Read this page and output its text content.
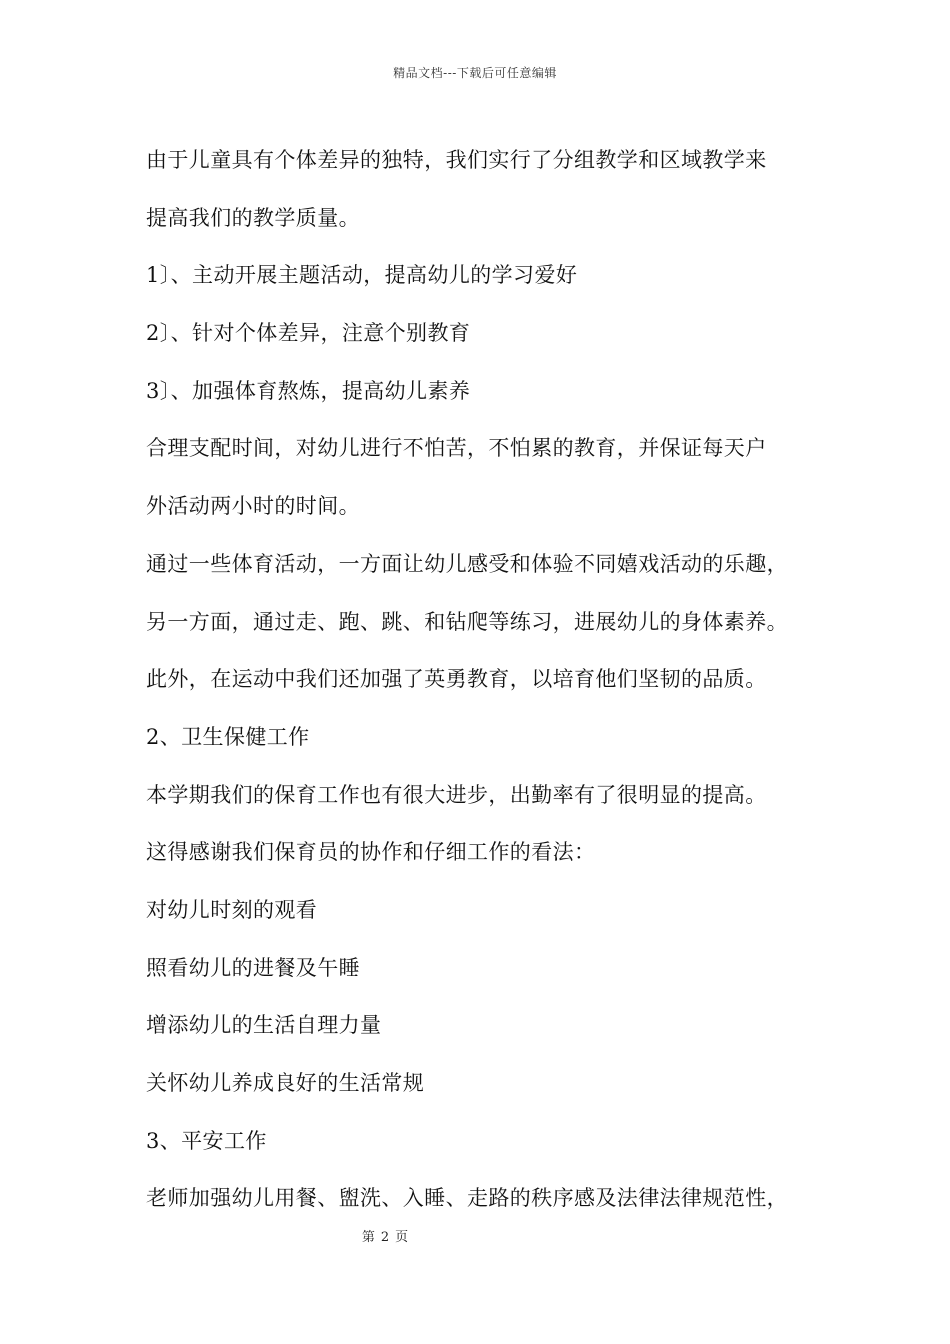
精品文档---下载后可任意编辑
由于儿童具有个体差异的独特，我们实行了分组教学和区域教学来
提高我们的教学质量。
1〕、主动开展主题活动，提高幼儿的学习爱好
2〕、针对个体差异，注意个别教育
3〕、加强体育熬炼，提高幼儿素养
合理支配时间，对幼儿进行不怕苦，不怕累的教育，并保证每天户
外活动两小时的时间。
通过一些体育活动，一方面让幼儿感受和体验不同嬉戏活动的乐趣，
另一方面，通过走、跑、跳、和钻爬等练习，进展幼儿的身体素养。
此外，在运动中我们还加强了英勇教育，以培育他们坚韧的品质。
2、卫生保健工作
本学期我们的保育工作也有很大进步，出勤率有了很明显的提高。
这得感谢我们保育员的协作和仔细工作的看法：
对幼儿时刻的观看
照看幼儿的进餐及午睡
增添幼儿的生活自理力量
关怀幼儿养成良好的生活常规
3、平安工作
老师加强幼儿用餐、盥洗、入睡、走路的秩序感及法律法律规范性，
第 2 页
